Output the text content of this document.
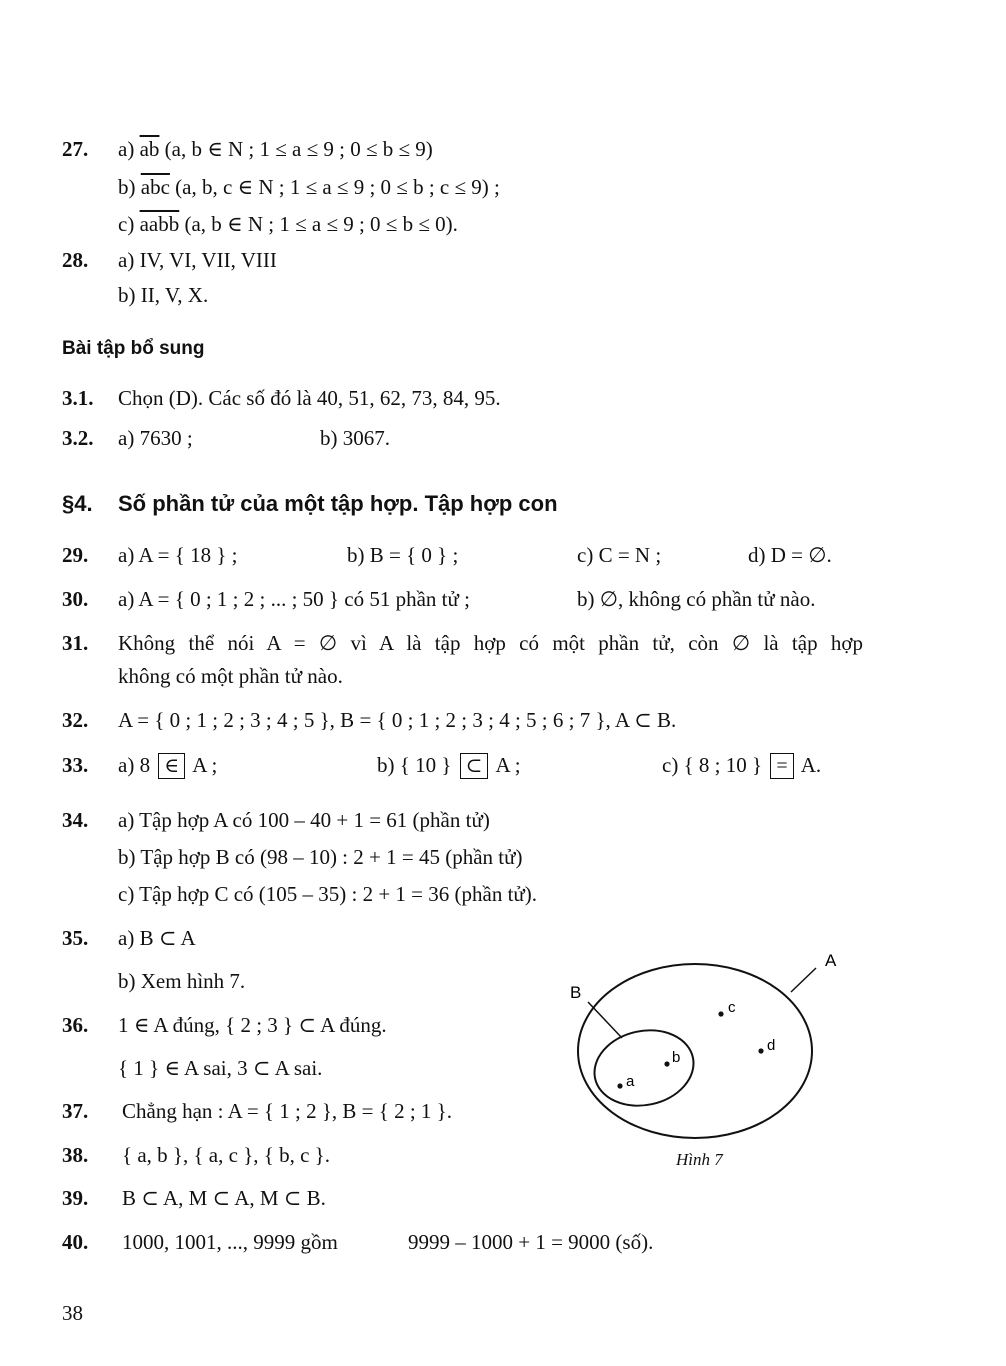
27. a) $\overline{ab}$ (a, b ∈ N ; 1 ≤ a ≤ 9 ; 0 ≤ b ≤ 9)
b) $\overline{abc}$ (a, b, c ∈ N ; 1 ≤ a ≤ 9 ; 0 ≤ b ; c ≤ 9) ;
c) aabb (a, b ∈ N ; 1 ≤ a ≤ 9 ; 0 ≤ b ≤ 0).
28. a) IV, VI, VII, VIII
b) II, V, X.
Bài tập bổ sung
3.1. Chọn (D). Các số đó là 40, 51, 62, 73, 84, 95.
3.2. a) 7630 ;	b) 3067.
§4. Số phần tử của một tập hợp. Tập hợp con
29. a) A = { 18 } ;	b) B = { 0 } ;	c) C = N ;	d) D = ∅.
30. a) A = { 0 ; 1 ; 2 ; ... ; 50 } có 51 phần tử ;	b) ∅, không có phần tử nào.
31. Không thể nói A = ∅ vì A là tập hợp có một phần tử, còn ∅ là tập hợp
không có một phần tử nào.
32. A = { 0 ; 1 ; 2 ; 3 ; 4 ; 5 }, B = { 0 ; 1 ; 2 ; 3 ; 4 ; 5 ; 6 ; 7 }, A ⊂ B.
33. a) 8 ∈ A ;	b) { 10 } ⊂ A ;	c) { 8 ; 10 } = A.
34. a) Tập hợp A có 100 – 40 + 1 = 61 (phần tử)
b) Tập hợp B có (98 – 10) : 2 + 1 = 45 (phần tử)
c) Tập hợp C có (105 – 35) : 2 + 1 = 36 (phần tử).
35. a) B ⊂ A
b) Xem hình 7.
36. 1 ∈ A đúng, { 2 ; 3 } ⊂ A đúng.
{ 1 } ∈ A sai, 3 ⊂ A sai.
37. Chẳng hạn : A = { 1 ; 2 }, B = { 2 ; 1 }.
38. { a, b }, { a, c }, { b, c }.
39. B ⊂ A, M ⊂ A, M ⊂ B.
40. 1000, 1001, ..., 9999 gồm	9999 – 1000 + 1 = 9000 (số).
A
B
a
b
c
d
Hình 7
38
